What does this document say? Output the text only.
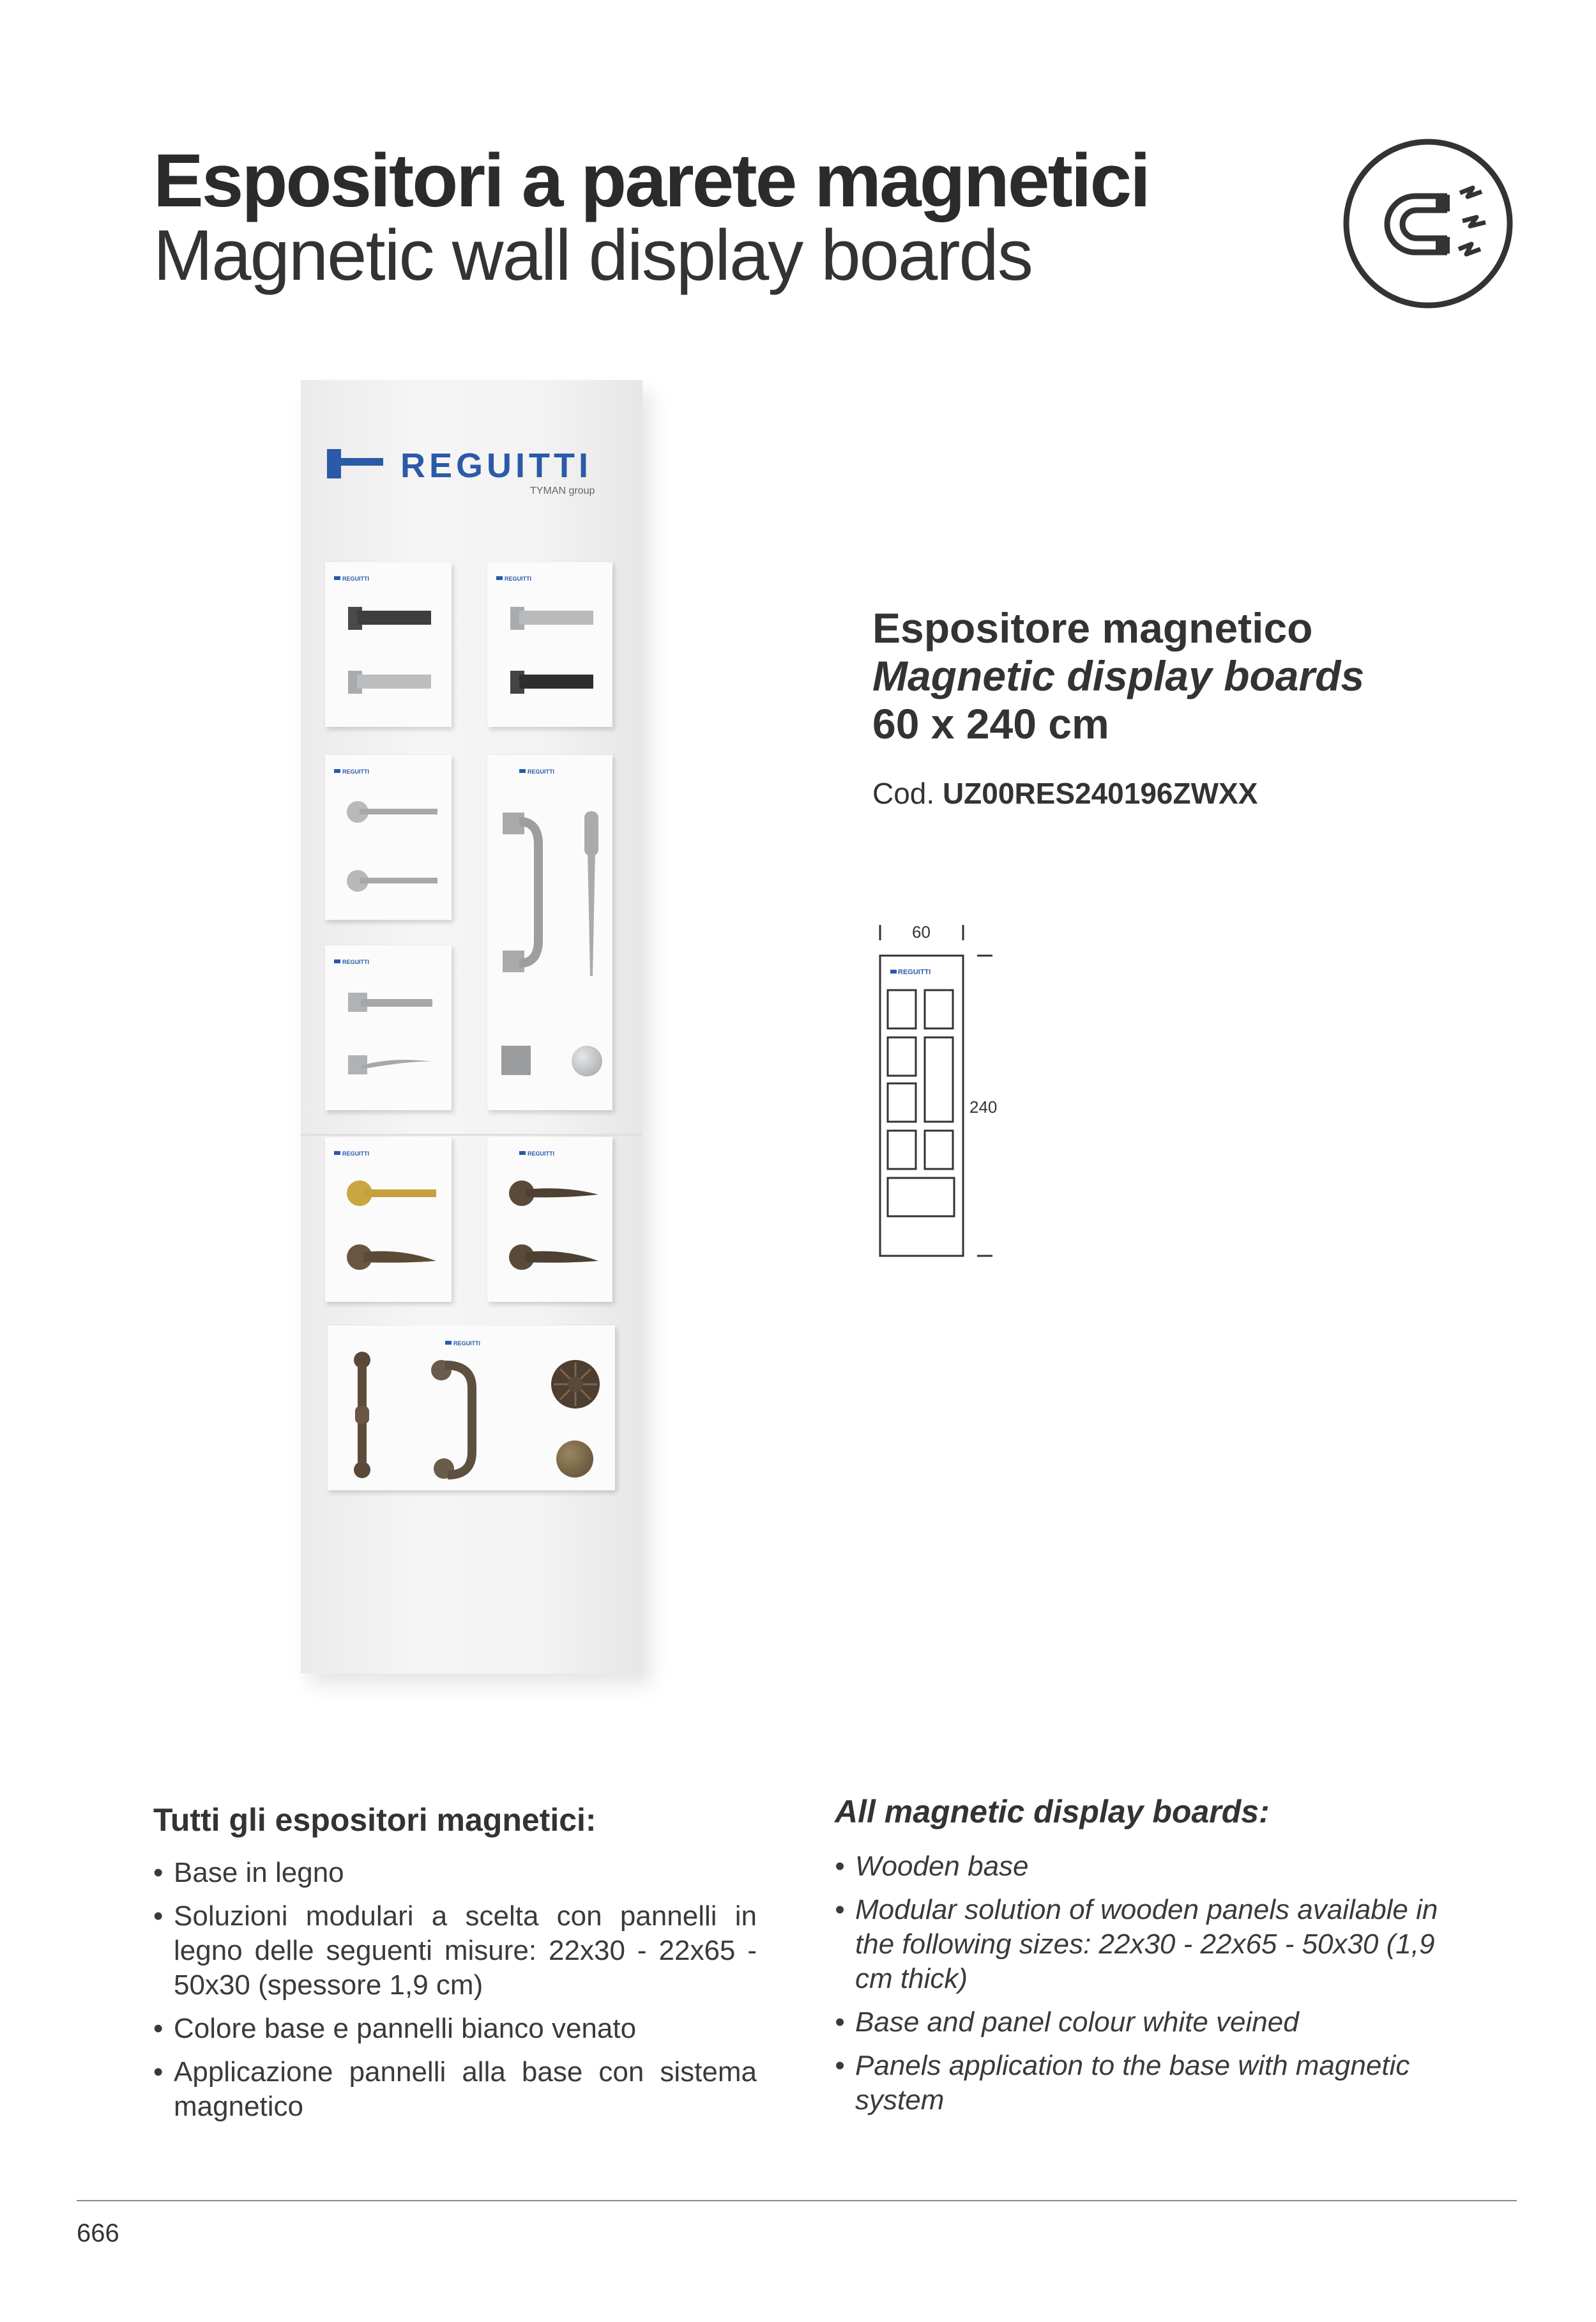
Espositori a parete magnetici
Magnetic wall display boards
REGUITTI
TYMAN group
REGUITTI	REGUITTI
REGUITTI
REGUITTI
REGUITTI
REGUITTI	REGUITTI
REGUITTI
Espositore magnetico
Magnetic display boards
60 x 240 cm
Cod. UZ00RES240196ZWXX
60
240
REGUITTI
Tutti gli espositori magnetici:
• Base in legno
• Soluzioni modulari a scelta con pannelli in legno delle seguenti misure: 22x30 - 22x65 - 50x30 (spessore 1,9 cm)
• Colore base e pannelli bianco venato
• Applicazione pannelli alla base con sistema magnetico
All magnetic display boards:
• Wooden base
• Modular solution of wooden panels available in the following sizes: 22x30 - 22x65 - 50x30 (1,9 cm thick)
• Base and panel colour white veined
• Panels application to the base with magnetic system
666
